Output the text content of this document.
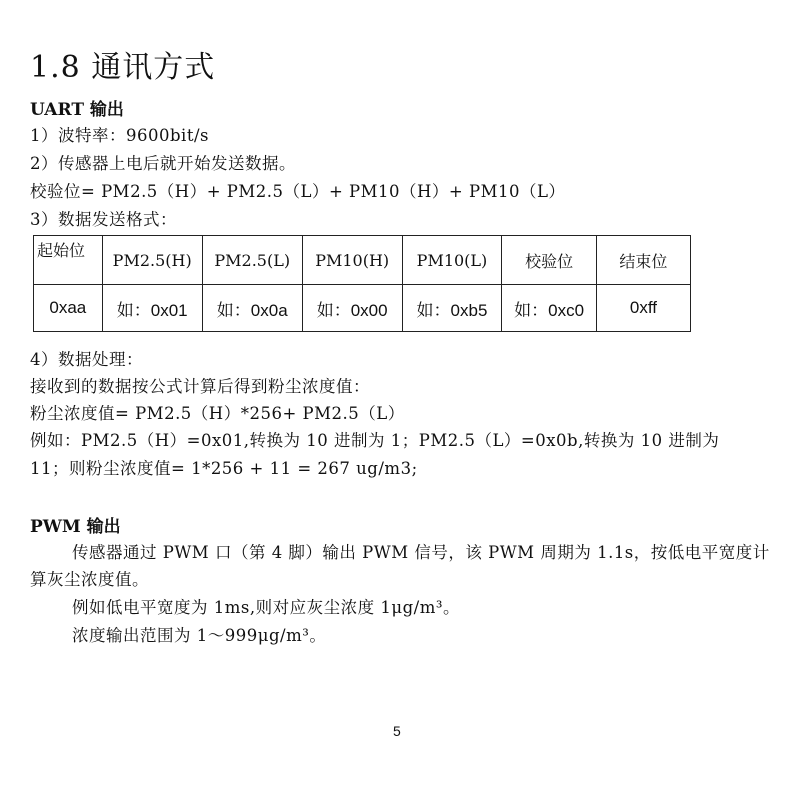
1.8 通讯方式
UART 输出
1）波特率：9600bit/s
2）传感器上电后就开始发送数据。
校验位= PM2.5（H）+ PM2.5（L）+ PM10（H）+ PM10（L）
3）数据发送格式：
起始位	PM2.5(H)	PM2.5(L)	PM10(H)	PM10(L)	校验位	结束位
0xaa	如：0x01	如：0x0a	如：0x00	如：0xb5	如：0xc0	0xff
4）数据处理：
接收到的数据按公式计算后得到粉尘浓度值：
粉尘浓度值= PM2.5（H）*256+ PM2.5（L）
例如：PM2.5（H）=0x01,转换为 10 进制为 1；PM2.5（L）=0x0b,转换为 10 进制为
11；则粉尘浓度值= 1*256 + 11 = 267 ug/m3;
PWM 输出
传感器通过 PWM 口（第 4 脚）输出 PWM 信号，该 PWM 周期为 1.1s，按低电平宽度计
算灰尘浓度值。
例如低电平宽度为 1ms,则对应灰尘浓度 1μg/m³。
浓度输出范围为 1～999μg/m³。
5
